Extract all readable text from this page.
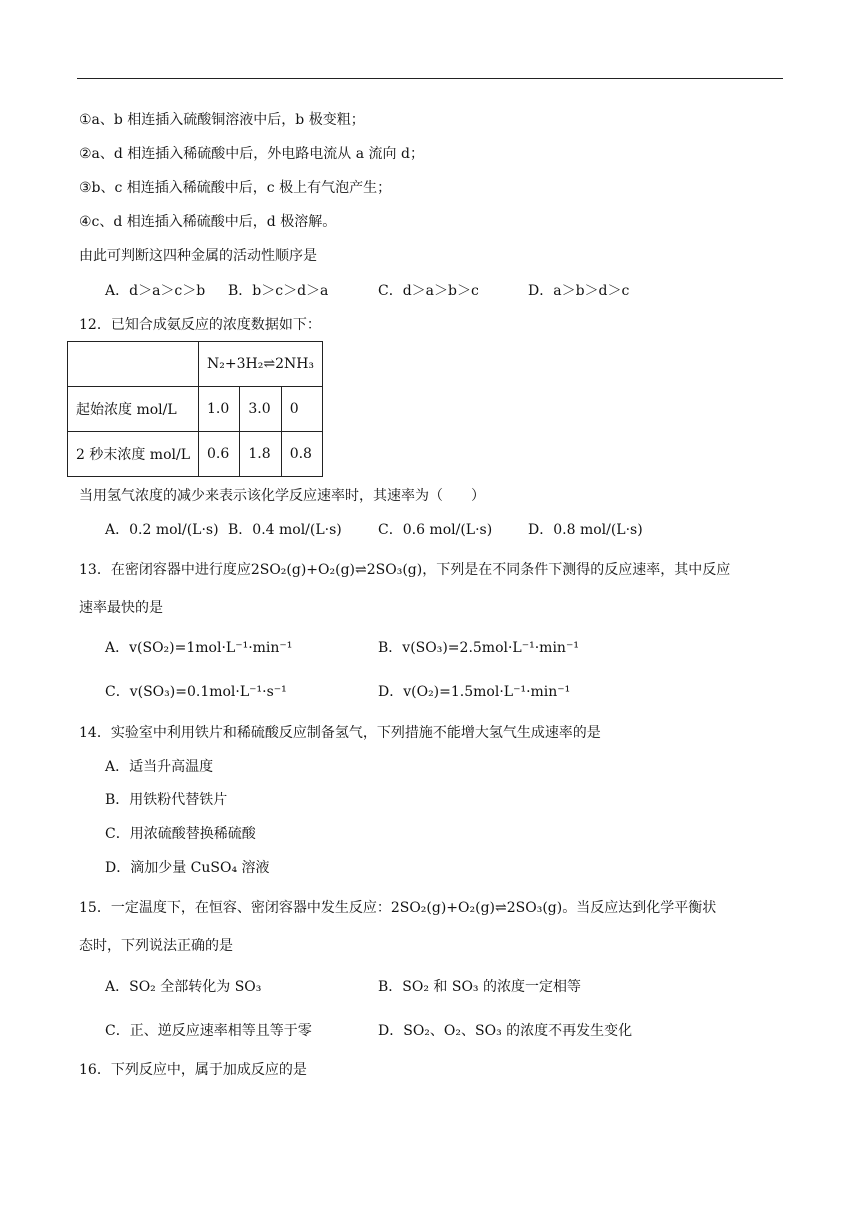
①a、b 相连插入硫酸铜溶液中后，b 极变粗；
②a、d 相连插入稀硫酸中后，外电路电流从 a 流向 d；
③b、c 相连插入稀硫酸中后，c 极上有气泡产生；
④c、d 相连插入稀硫酸中后，d 极溶解。
由此可判断这四种金属的活动性顺序是
A．d＞a＞c＞b B．b＞c＞d＞a	C．d＞a＞b＞c	D．a＞b＞d＞c
12．已知合成氨反应的浓度数据如下：
	N₂+3H₂⇌2NH₃		
起始浓度 mol/L	1.0	3.0	0
2 秒末浓度 mol/L	0.6	1.8	0.8
当用氢气浓度的减少来表示该化学反应速率时，其速率为（　　）
A．0.2 mol/(L·s) B．0.4 mol/(L·s)	C．0.6 mol/(L·s)	D．0.8 mol/(L·s)
13．在密闭容器中进行度应2SO₂(g)+O₂(g)⇌2SO₃(g)，下列是在不同条件下测得的反应速率，其中反应
速率最快的是
A．v(SO₂)=1mol·L⁻¹·min⁻¹	B．v(SO₃)=2.5mol·L⁻¹·min⁻¹
C．v(SO₃)=0.1mol·L⁻¹·s⁻¹	D．v(O₂)=1.5mol·L⁻¹·min⁻¹
14．实验室中利用铁片和稀硫酸反应制备氢气，下列措施不能增大氢气生成速率的是
A．适当升高温度
B．用铁粉代替铁片
C．用浓硫酸替换稀硫酸
D．滴加少量 CuSO₄ 溶液
15．一定温度下，在恒容、密闭容器中发生反应：2SO₂(g)+O₂(g)⇌2SO₃(g)。当反应达到化学平衡状
态时，下列说法正确的是
A．SO₂ 全部转化为 SO₃	B．SO₂ 和 SO₃ 的浓度一定相等
C．正、逆反应速率相等且等于零	D．SO₂、O₂、SO₃ 的浓度不再发生变化
16．下列反应中，属于加成反应的是
